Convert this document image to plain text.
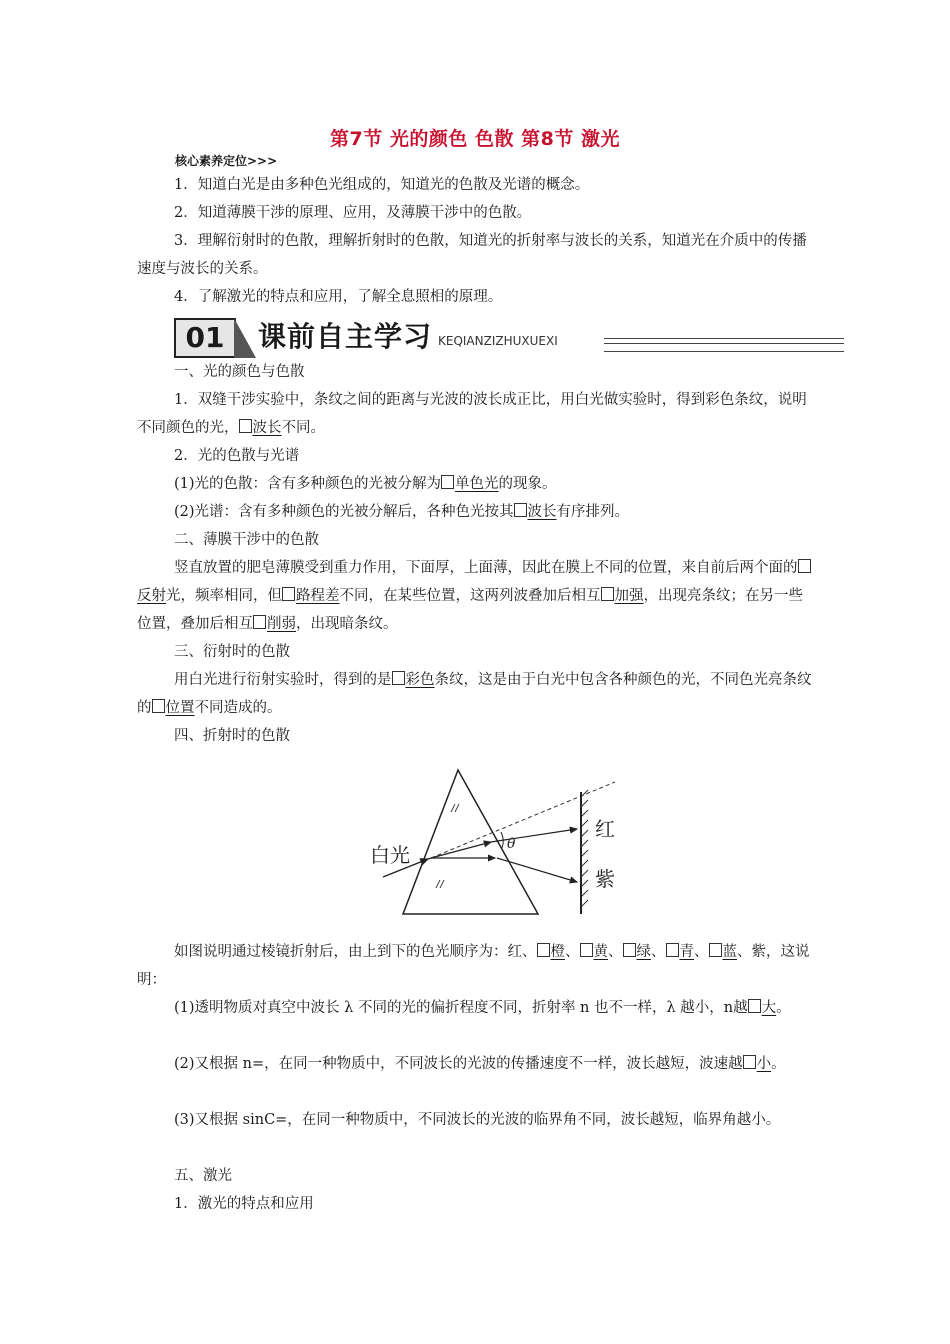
第7节 光的颜色 色散 第8节 激光
核心素养定位>>>

1．知道白光是由多种色光组成的，知道光的色散及光谱的概念。

2．知道薄膜干涉的原理、应用，及薄膜干涉中的色散。

3．理解衍射时的色散，理解折射时的色散，知道光的折射率与波长的关系，知道光在介质中的传播速度与波长的关系。

4．了解激光的特点和应用，了解全息照相的原理。

01	课前自主学习 KEQIANZIZHUXUEXI

一、光的颜色与色散

1．双缝干涉实验中，条纹之间的距离与光波的波长成正比，用白光做实验时，得到彩色条纹，说明不同颜色的光， 波长不同。

2．光的色散与光谱

(1)光的色散：含有多种颜色的光被分解为 单色光的现象。

(2)光谱：含有多种颜色的光被分解后，各种色光按其 波长有序排列。

二、薄膜干涉中的色散

竖直放置的肥皂薄膜受到重力作用，下面厚，上面薄，因此在膜上不同的位置，来自前后两个面的反射光，频率相同，但 路程差不同，在某些位置，这两列波叠加后相互 加强，出现亮条纹；在另一些位置，叠加后相互 削弱，出现暗条纹。

三、衍射时的色散

用白光进行衍射实验时，得到的是 彩色条纹，这是由于白光中包含各种颜色的光，不同色光亮条纹的 位置不同造成的。

四、折射时的色散

θ
白光
红
紫

如图说明通过棱镜折射后，由上到下的色光顺序为：红、 橙、 黄、 绿、 青、 蓝、紫，这说明：

(1)透明物质对真空中波长 λ 不同的光的偏折程度不同，折射率 n 也不一样，λ 越小，n越 大。

(2)又根据 n=，在同一种物质中，不同波长的光波的传播速度不一样，波长越短，波速越 小。

(3)又根据 sinC=，在同一种物质中，不同波长的光波的临界角不同，波长越短，临界角越小。

五、激光

1．激光的特点和应用
